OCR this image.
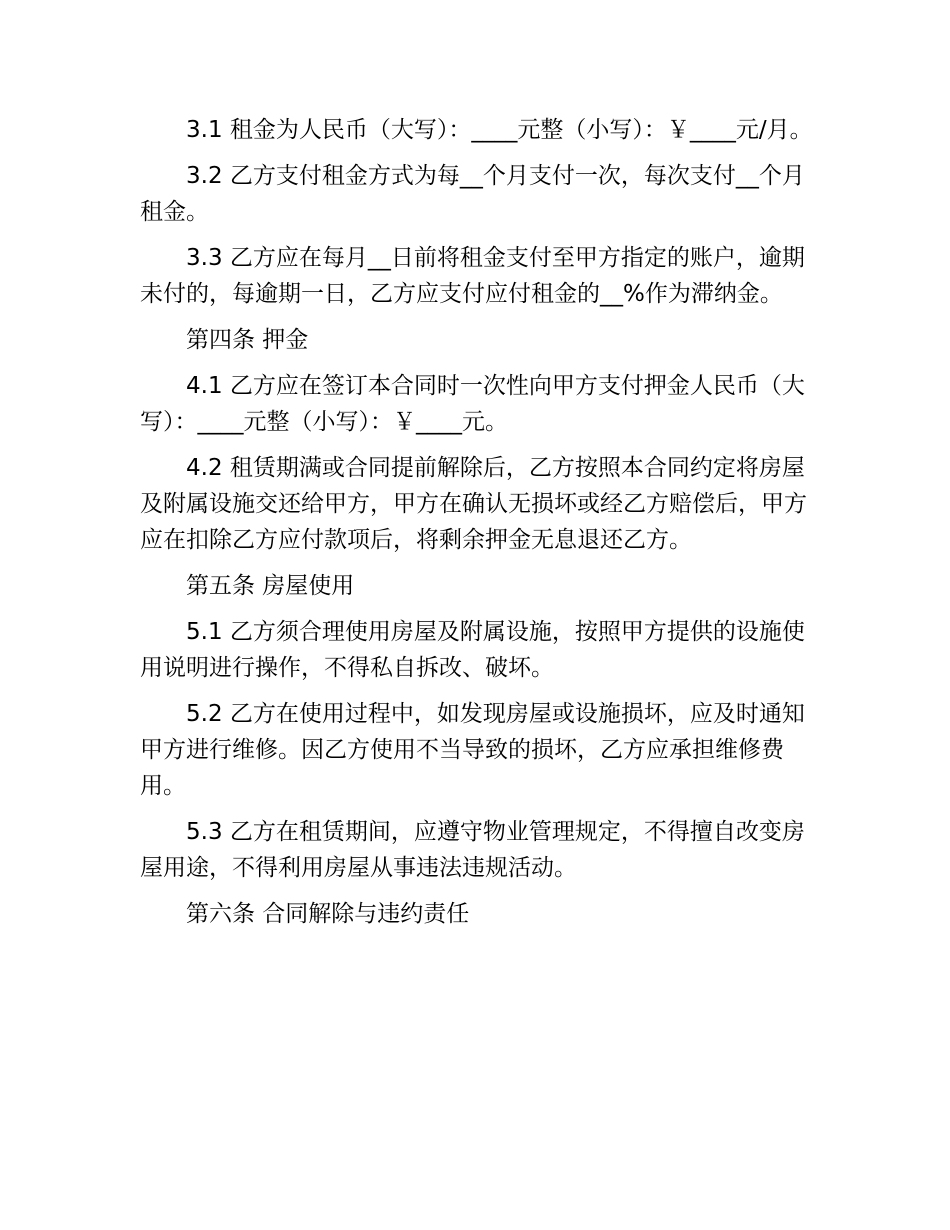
3.1 租金为人民币（大写）：____元整（小写）：￥____元/月。

3.2 乙方支付租金方式为每__个月支付一次，每次支付__个月租金。

3.3 乙方应在每月__日前将租金支付至甲方指定的账户，逾期未付的，每逾期一日，乙方应支付应付租金的__%作为滞纳金。

第四条 押金

4.1 乙方应在签订本合同时一次性向甲方支付押金人民币（大写）：____元整（小写）：￥____元。

4.2 租赁期满或合同提前解除后，乙方按照本合同约定将房屋及附属设施交还给甲方，甲方在确认无损坏或经乙方赔偿后，甲方应在扣除乙方应付款项后，将剩余押金无息退还乙方。

第五条 房屋使用

5.1 乙方须合理使用房屋及附属设施，按照甲方提供的设施使用说明进行操作，不得私自拆改、破坏。

5.2 乙方在使用过程中，如发现房屋或设施损坏，应及时通知甲方进行维修。因乙方使用不当导致的损坏，乙方应承担维修费用。

5.3 乙方在租赁期间，应遵守物业管理规定，不得擅自改变房屋用途，不得利用房屋从事违法违规活动。

第六条 合同解除与违约责任
